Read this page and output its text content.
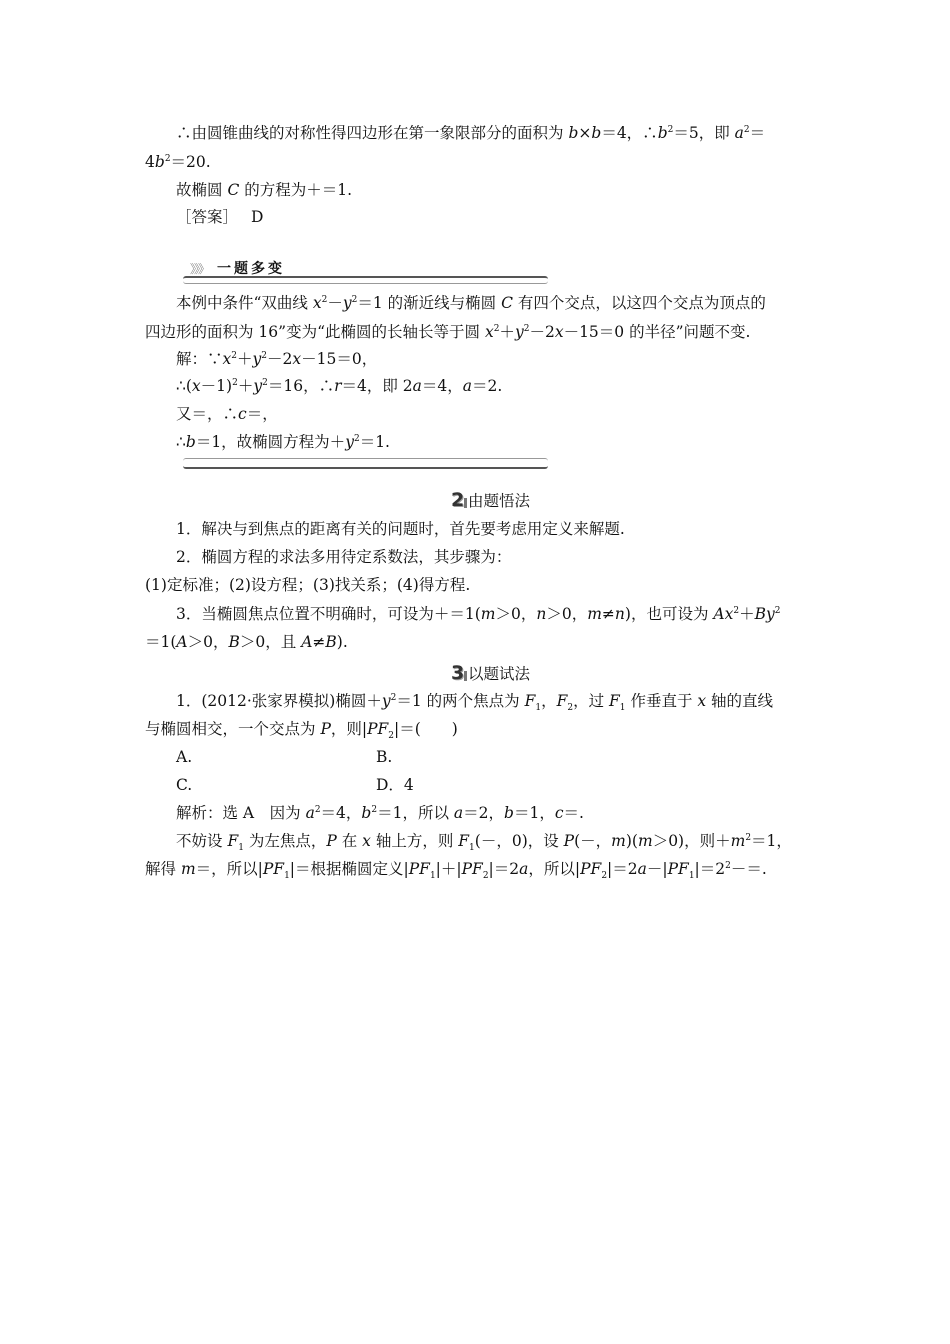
∴由圆锥曲线的对称性得四边形在第一象限部分的面积为 b×b＝4，$\therefore b^2=5$，即 $a^2=$
$4b^2=20$.
故椭圆 C 的方程为＋＝1.
［答案］ D
》》》 一题多变
本例中条件“双曲线 $x^2-y^2=1$ 的渐近线与椭圆 C 有四个交点，以这四个交点为顶点的
四边形的面积为 16”变为“此椭圆的长轴长等于圆 $x^2+y^2-2x-15=0$ 的半径”问题不变.
解：$\because x^2+y^2-2x-15=0$，
$\therefore(x-1)^2+y^2=16$，∴r＝4，即 2a＝4，a＝2.
又＝，∴c＝，
∴b＝1，故椭圆方程为$+y^2=1$.
2 由题悟法
1．解决与到焦点的距离有关的问题时，首先要考虑用定义来解题.
2．椭圆方程的求法多用待定系数法，其步骤为：
(1)定标准；(2)设方程；(3)找关系；(4)得方程.
3．当椭圆焦点位置不明确时，可设为＋＝1(m＞0，n＞0，m≠n)，也可设为 $Ax^2+By^2$
＝1(A＞0，B＞0，且 A≠B).
3 以题试法
1．(2012·张家界模拟)椭圆$+y^2=1$ 的两个焦点为 $F_1$，$F_2$，过 $F_1$ 作垂直于 x 轴的直线
与椭圆相交，一个交点为 P，则$|PF_2|=$(　　)
A.	B.
C.	D．4
解析：选 A　因为 $a^2=4$，$b^2=1$，所以 a＝2，b＝1，c＝.
不妨设 $F_1$ 为左焦点，P 在 x 轴上方，则 $F_1(-$，0)，设 P(－，m)(m＞0)，则$+m^2=1$，
解得 m＝，所以$|PF_1|=$根据椭圆定义$|PF_1|+|PF_2|=2a$，所以$|PF_2|=2a-|PF_1|=2^2-=$.
